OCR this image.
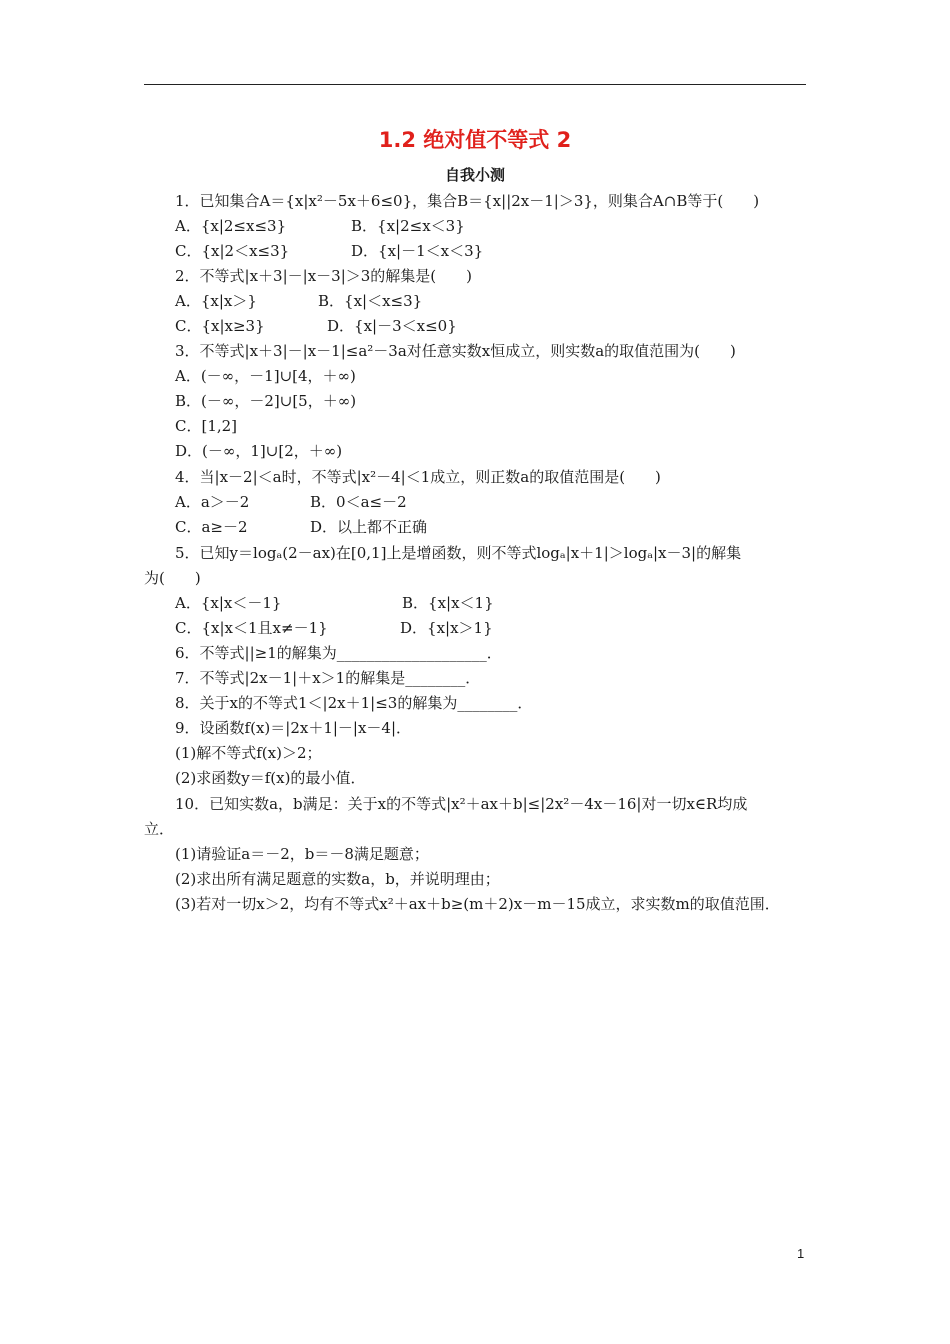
1.2 绝对值不等式 2
自我小测
1．已知集合A＝{x|x²－5x＋6≤0}，集合B＝{x||2x－1|＞3}，则集合A∩B等于(　　)
A．{x|2≤x≤3}	B．{x|2≤x＜3}
C．{x|2＜x≤3}	D．{x|－1＜x＜3}
2．不等式|x＋3|－|x－3|＞3的解集是(　　)
A．{x|x＞}	B．{x|＜x≤3}
C．{x|x≥3}	D．{x|－3＜x≤0}
3．不等式|x＋3|－|x－1|≤a²－3a对任意实数x恒成立，则实数a的取值范围为(　　)
A．(－∞，－1]∪[4，＋∞)
B．(－∞，－2]∪[5，＋∞)
C．[1,2]
D．(－∞，1]∪[2，＋∞)
4．当|x－2|＜a时，不等式|x²－4|＜1成立，则正数a的取值范围是(　　)
A．a＞－2	B．0＜a≤－2
C．a≥－2	D．以上都不正确
5．已知y＝logₐ(2－ax)在[0,1]上是增函数，则不等式logₐ|x＋1|＞logₐ|x－3|的解集
为(　　)
A．{x|x＜－1}	B．{x|x＜1}
C．{x|x＜1且x≠－1}	D．{x|x＞1}
6．不等式||≥1的解集为____________________．
7．不等式|2x－1|＋x＞1的解集是________．
8．关于x的不等式1＜|2x＋1|≤3的解集为________．
9．设函数f(x)＝|2x＋1|－|x－4|．
(1)解不等式f(x)＞2；
(2)求函数y＝f(x)的最小值．
10．已知实数a，b满足：关于x的不等式|x²＋ax＋b|≤|2x²－4x－16|对一切x∈R均成
立．
(1)请验证a＝－2，b＝－8满足题意；
(2)求出所有满足题意的实数a，b，并说明理由；
(3)若对一切x＞2，均有不等式x²＋ax＋b≥(m＋2)x－m－15成立，求实数m的取值范围．
1
